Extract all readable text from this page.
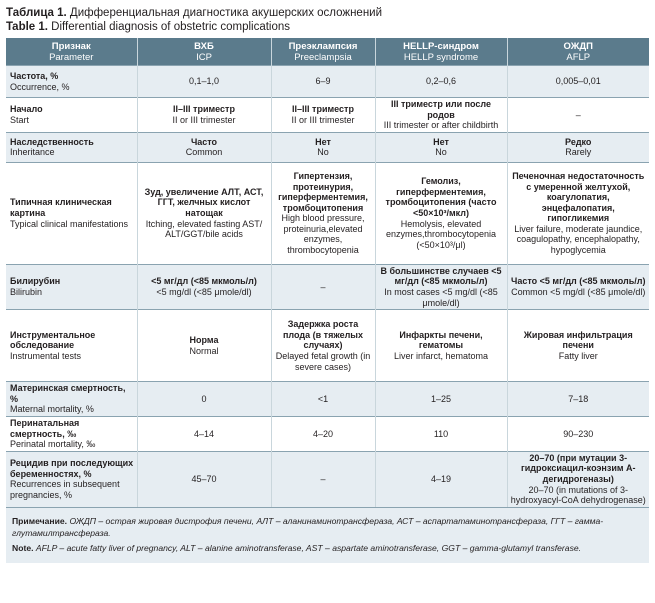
Таблица 1. Дифференциальная диагностика акушерских осложнений
Table 1. Differential diagnosis of obstetric complications
Признак
Parameter	ВХБ
ICP	Преэклампсия
Preeclampsia	HELLP-синдром
HELLP syndrome	ОЖДП
AFLP

Частота, %
Occurrence, %	0,1–1,0	6–9	0,2–0,6	0,005–0,01

Начало
Start	II–III триместр
II or III trimester	II–III триместр
II or III trimester	III триместр или после родов
III trimester or after childbirth	–

Наследственность
Inheritance	Часто
Common	Нет
No	Нет
No	Редко
Rarely

Типичная клиническая картина
Typical clinical manifestations	Зуд, увеличение АЛТ, АСТ, ГГТ, желчных кислот натощак
Itching, elevated fasting AST/ ALT/GGT/bile acids	Гипертензия, протеинурия, гиперферментемия, тромбоцитопения
High blood pressure, proteinuria,elevated enzymes, thrombocytopenia	Гемолиз, гиперферментемия, тромбоцитопения (часто <50×10³/мкл)
Hemolysis, elevated enzymes,thrombocytopenia (<50×10³/μl)	Печеночная недостаточность с умеренной желтухой, коагулопатия, энцефалопатия, гипогликемия
Liver failure, moderate jaundice, coagulopathy, encephalopathy, hypoglycemia

Билирубин
Bilirubin	<5 мг/дл (<85 мкмоль/л)
<5 mg/dl (<85 μmole/dl)	–	В большинстве случаев <5 мг/дл (<85 мкмоль/л)
In most cases <5 mg/dl (<85 μmole/dl)	Часто <5 мг/дл (<85 мкмоль/л)
Common <5 mg/dl (<85 μmole/dl)

Инструментальное обследование
Instrumental tests	Норма
Normal	Задержка роста плода (в тяжелых случаях)
Delayed fetal growth (in severe cases)	Инфаркты печени, гематомы
Liver infarct, hematoma	Жировая инфильтрация печени
Fatty liver

Материнская смертность, %
Maternal mortality, %	0	<1	1–25	7–18

Перинатальная смертность, ‰
Perinatal mortality, ‰	4–14	4–20	110	90–230

Рецидив при последующих беременностях, %
Recurrences in subsequent pregnancies, %	45–70	–	4–19	20–70 (при мутации 3-гидроксиацил-коэнзим А-дегидрогеназы)
20–70 (in mutations of 3-hydroxyacyl-CoA dehydrogenase)

Примечание. ОЖДП – острая жировая дистрофия печени, АЛТ – аланинаминотрансфераза, АСТ – аспартатаминотрансфераза, ГГТ – гамма-глутамилтрансфераза.

Note. AFLP – acute fatty liver of pregnancy, ALT – alanine aminotransferase, AST – aspartate aminotransferase, GGT – gamma-glutamyl transferase.
